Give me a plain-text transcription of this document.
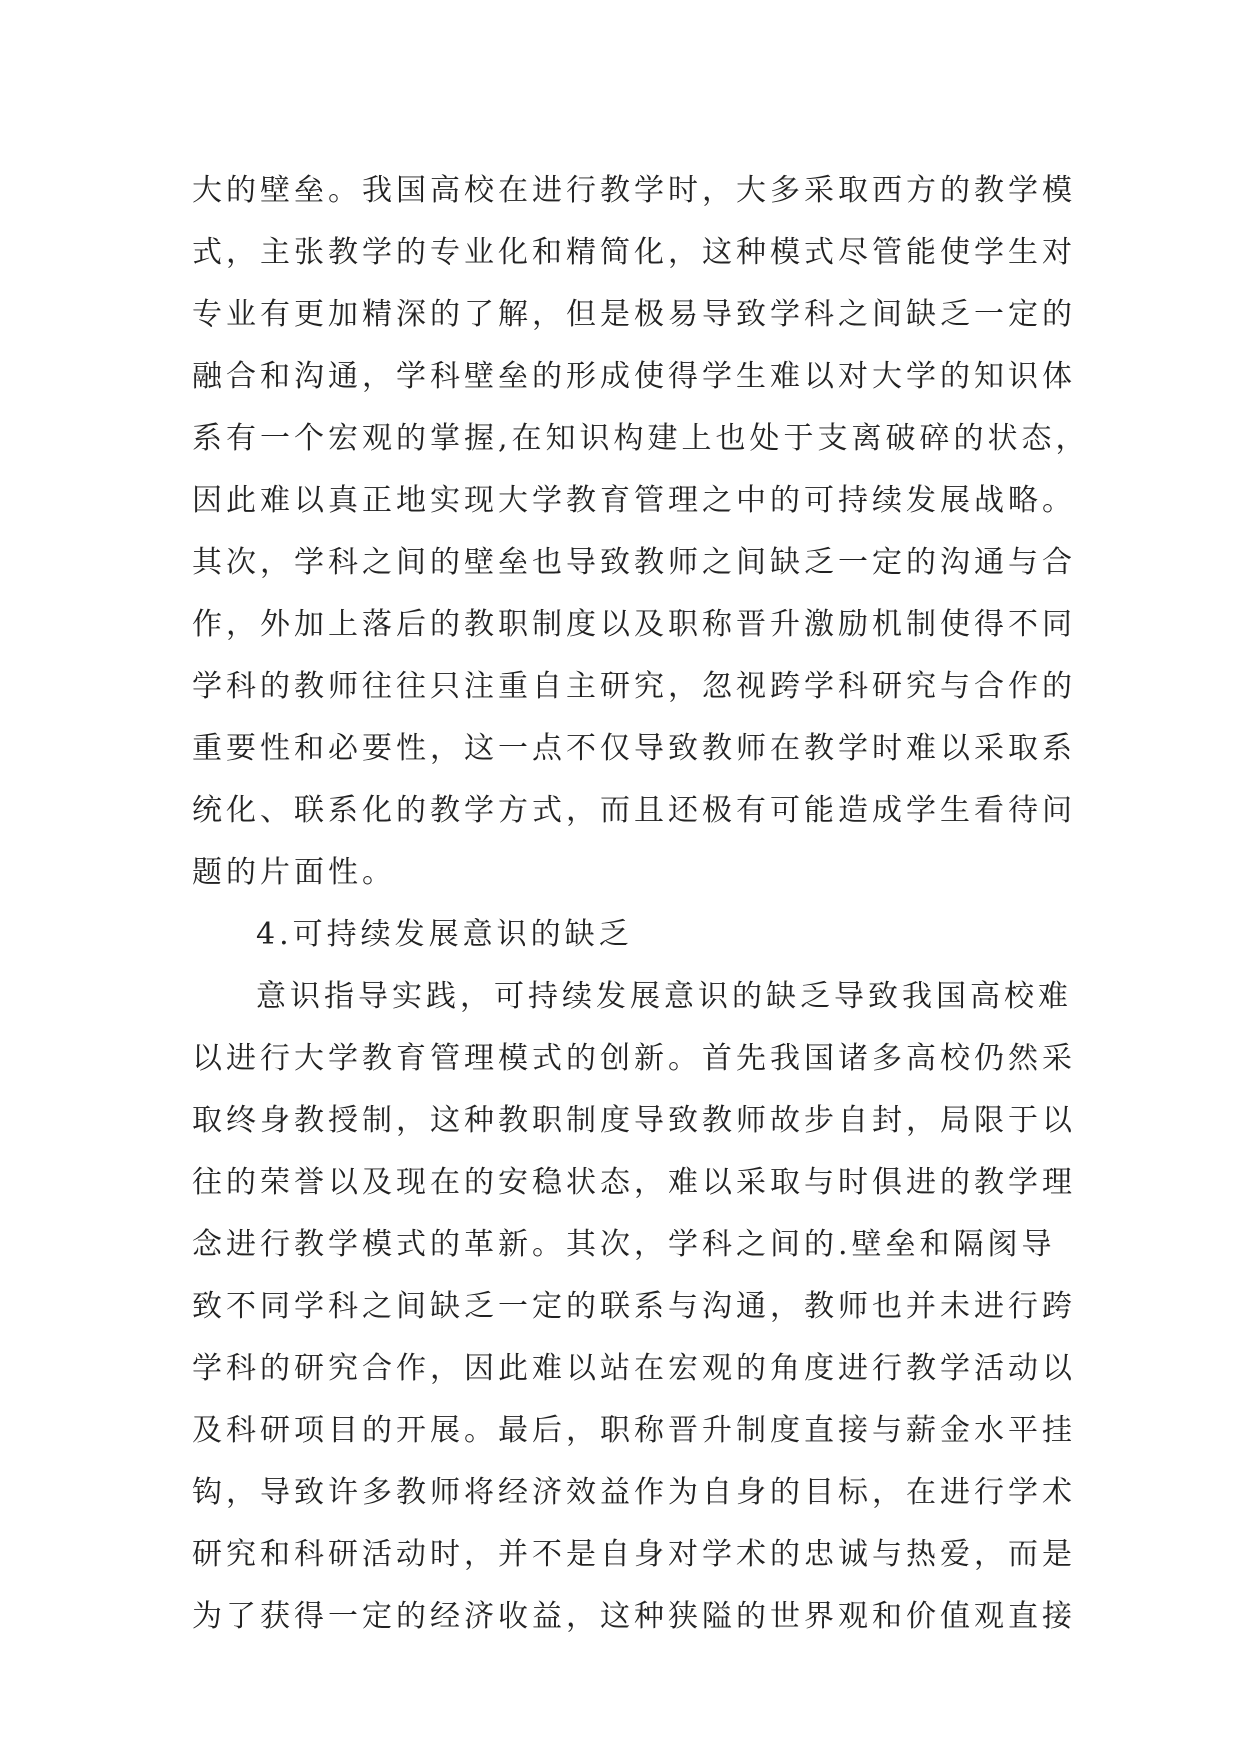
大的壁垒。我国高校在进行教学时，大多采取西方的教学模
式，主张教学的专业化和精简化，这种模式尽管能使学生对
专业有更加精深的了解，但是极易导致学科之间缺乏一定的
融合和沟通，学科壁垒的形成使得学生难以对大学的知识体
系有一个宏观的掌握,在知识构建上也处于支离破碎的状态，
因此难以真正地实现大学教育管理之中的可持续发展战略。
其次，学科之间的壁垒也导致教师之间缺乏一定的沟通与合
作，外加上落后的教职制度以及职称晋升激励机制使得不同
学科的教师往往只注重自主研究，忽视跨学科研究与合作的
重要性和必要性，这一点不仅导致教师在教学时难以采取系
统化、联系化的教学方式，而且还极有可能造成学生看待问
题的片面性。
4.可持续发展意识的缺乏
意识指导实践，可持续发展意识的缺乏导致我国高校难
以进行大学教育管理模式的创新。首先我国诸多高校仍然采
取终身教授制，这种教职制度导致教师故步自封，局限于以
往的荣誉以及现在的安稳状态，难以采取与时俱进的教学理
念进行教学模式的革新。其次，学科之间的.壁垒和隔阂导
致不同学科之间缺乏一定的联系与沟通，教师也并未进行跨
学科的研究合作，因此难以站在宏观的角度进行教学活动以
及科研项目的开展。最后，职称晋升制度直接与薪金水平挂
钩，导致许多教师将经济效益作为自身的目标，在进行学术
研究和科研活动时，并不是自身对学术的忠诚与热爱，而是
为了获得一定的经济收益，这种狭隘的世界观和价值观直接
